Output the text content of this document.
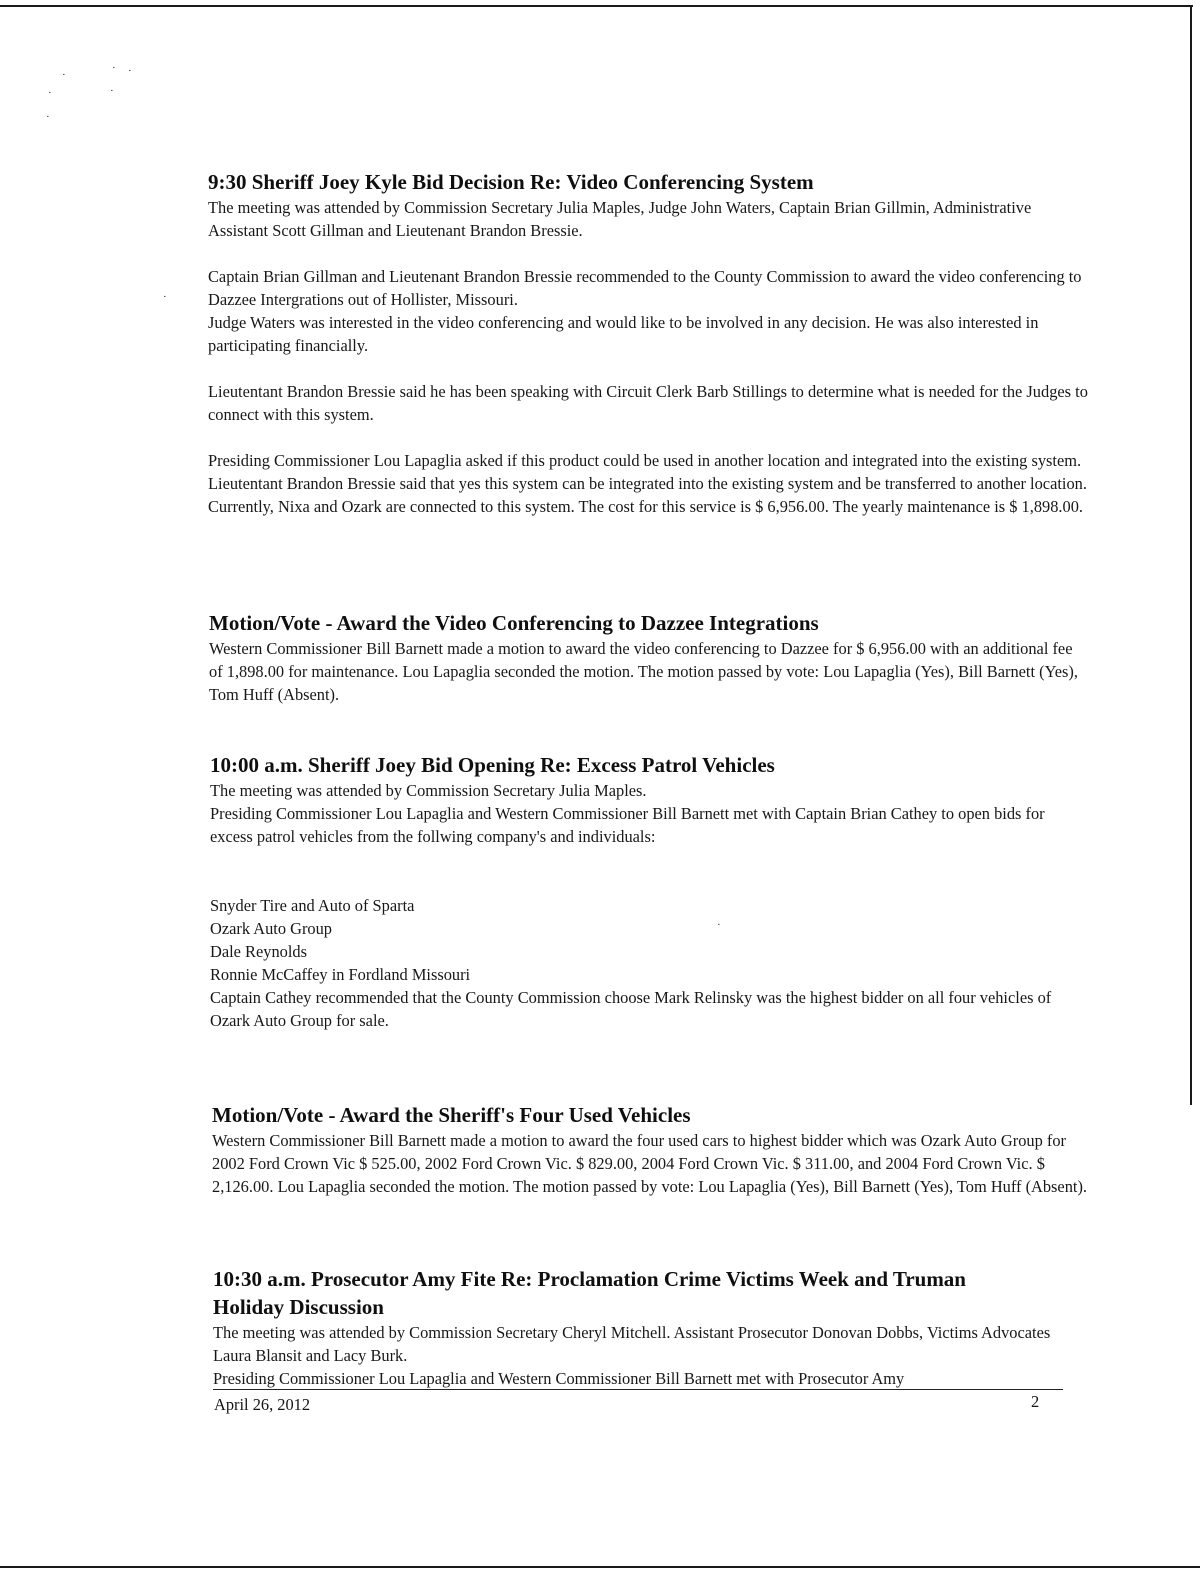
·
· ·
·	·
·
·
·
9:30 Sheriff Joey Kyle Bid Decision Re: Video Conferencing System

The meeting was attended by Commission Secretary Julia Maples, Judge John Waters, Captain Brian Gillmin, Administrative Assistant Scott Gillman and Lieutenant Brandon Bressie.

Captain Brian Gillman and Lieutenant Brandon Bressie recommended to the County Commission to award the video conferencing to Dazzee Intergrations out of Hollister, Missouri.

Judge Waters was interested in the video conferencing and would like to be involved in any decision. He was also interested in participating financially.

Lieutentant Brandon Bressie said he has been speaking with Circuit Clerk Barb Stillings to determine what is needed for the Judges to connect with this system.

Presiding Commissioner Lou Lapaglia asked if this product could be used in another location and integrated into the existing system.

Lieutentant Brandon Bressie said that yes this system can be integrated into the existing system and be transferred to another location. Currently, Nixa and Ozark are connected to this system. The cost for this service is $ 6,956.00. The yearly maintenance is $ 1,898.00.

Motion/Vote - Award the Video Conferencing to Dazzee Integrations

Western Commissioner Bill Barnett made a motion to award the video conferencing to Dazzee for $ 6,956.00 with an additional fee of 1,898.00 for maintenance. Lou Lapaglia seconded the motion. The motion passed by vote: Lou Lapaglia (Yes), Bill Barnett (Yes), Tom Huff (Absent).

10:00 a.m. Sheriff Joey Bid Opening Re: Excess Patrol Vehicles

The meeting was attended by Commission Secretary Julia Maples.

Presiding Commissioner Lou Lapaglia and Western Commissioner Bill Barnett met with Captain Brian Cathey to open bids for excess patrol vehicles from the follwing company's and individuals:

Snyder Tire and Auto of Sparta

Ozark Auto Group

Dale Reynolds

Ronnie McCaffey in Fordland Missouri

Captain Cathey recommended that the County Commission choose Mark Relinsky was the highest bidder on all four vehicles of Ozark Auto Group for sale.

Motion/Vote - Award the Sheriff's Four Used Vehicles

Western Commissioner Bill Barnett made a motion to award the four used cars to highest bidder which was Ozark Auto Group for 2002 Ford Crown Vic $ 525.00, 2002 Ford Crown Vic. $ 829.00, 2004 Ford Crown Vic. $ 311.00, and 2004 Ford Crown Vic. $ 2,126.00. Lou Lapaglia seconded the motion. The motion passed by vote: Lou Lapaglia (Yes), Bill Barnett (Yes), Tom Huff (Absent).

10:30 a.m. Prosecutor Amy Fite Re: Proclamation Crime Victims Week and Truman Holiday Discussion

The meeting was attended by Commission Secretary Cheryl Mitchell. Assistant Prosecutor Donovan Dobbs, Victims Advocates Laura Blansit and Lacy Burk.

Presiding Commissioner Lou Lapaglia and Western Commissioner Bill Barnett met with Prosecutor Amy

April 26, 2012	2
